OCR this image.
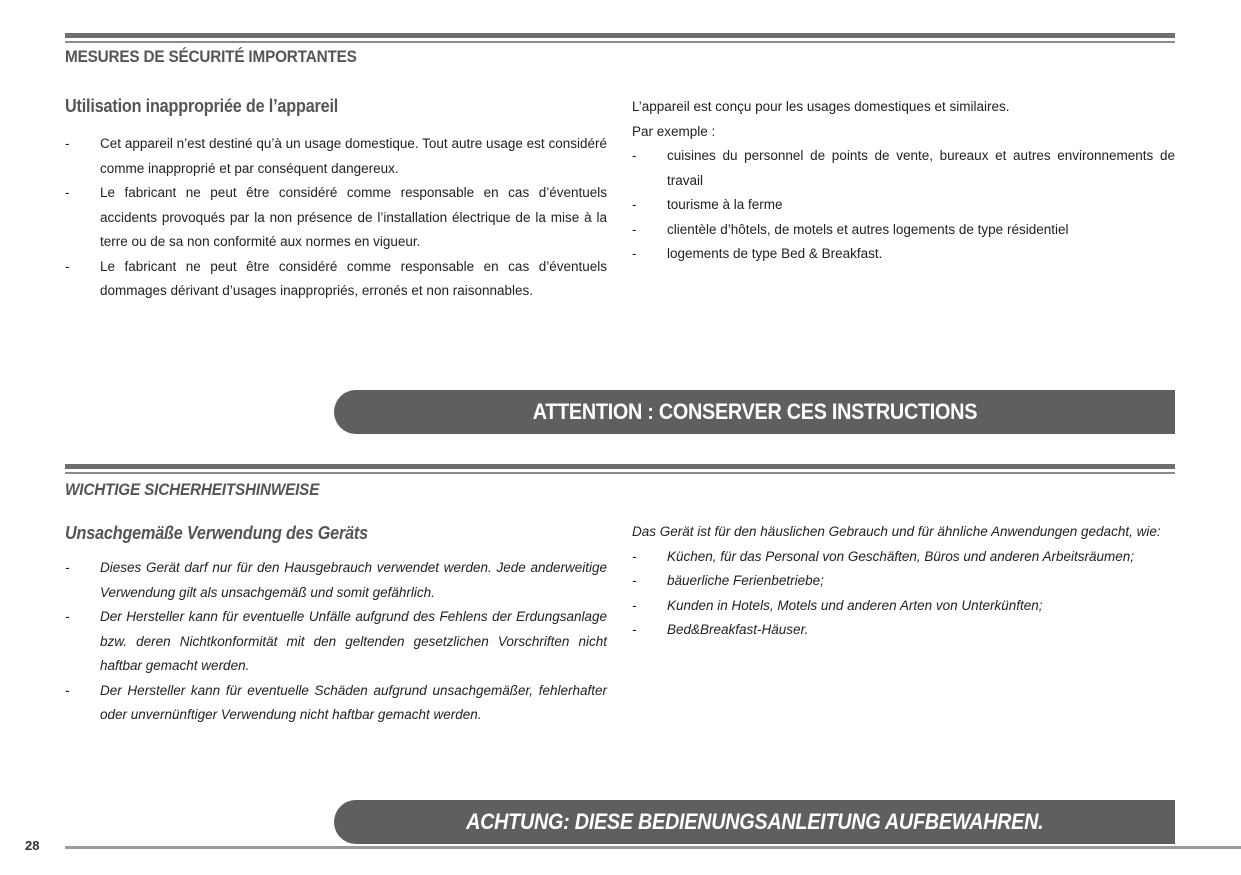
MESURES DE SÉCURITÉ IMPORTANTES
Utilisation inappropriée de l’appareil
- Cet appareil n’est destiné qu’à un usage domestique. Tout autre usage est considéré comme inapproprié et par conséquent dangereux.
- Le fabricant ne peut être considéré comme responsable en cas d’éventuels accidents provoqués par la non présence de l’installation électrique de la mise à la terre ou de sa non conformité aux normes en vigueur.
- Le fabricant ne peut être considéré comme responsable en cas d’éventuels dommages dérivant d’usages inappropriés, erronés et non raisonnables.

L’appareil est conçu pour les usages domestiques et similaires.

Par exemple :

- cuisines du personnel de points de vente, bureaux et autres environnements de travail
- tourisme à la ferme
- clientèle d’hôtels, de motels et autres logements de type résidentiel
- logements de type Bed & Breakfast.
ATTENTION : CONSERVER CES INSTRUCTIONS
WICHTIGE SICHERHEITSHINWEISE
Unsachgemäße Verwendung des Geräts
- Dieses Gerät darf nur für den Hausgebrauch verwendet werden. Jede anderweitige Verwendung gilt als unsachgemäß und somit gefährlich.
- Der Hersteller kann für eventuelle Unfälle aufgrund des Fehlens der Erdungsanlage bzw. deren Nichtkonformität mit den geltenden gesetzlichen Vorschriften nicht haftbar gemacht werden.
- Der Hersteller kann für eventuelle Schäden aufgrund unsachgemäßer, fehlerhafter oder unvernünftiger Verwendung nicht haftbar gemacht werden.

Das Gerät ist für den häuslichen Gebrauch und für ähnliche Anwendungen gedacht, wie:

- Küchen, für das Personal von Geschäften, Büros und anderen Arbeitsräumen;
- bäuerliche Ferienbetriebe;
- Kunden in Hotels, Motels und anderen Arten von Unterkünften;
- Bed&Breakfast-Häuser.
ACHTUNG: DIESE BEDIENUNGSANLEITUNG AUFBEWAHREN.
28
